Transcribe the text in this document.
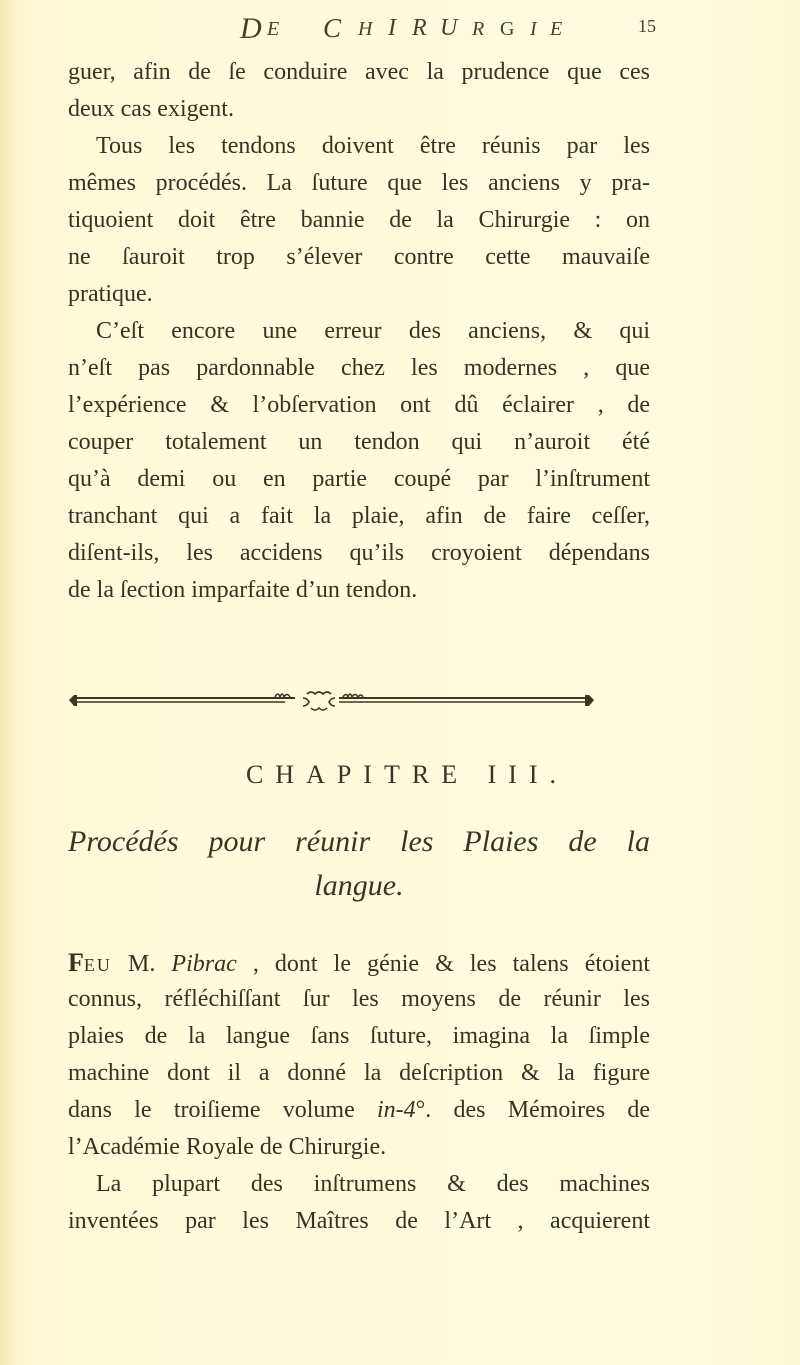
D E C H I R U R G I E	15
guer, afin de ſe conduire avec la prudence que ces
deux cas exigent.
Tous les tendons doivent être réunis par les
mêmes procédés. La ſuture que les anciens y pra-
tiquoient doit être bannie de la Chirurgie : on
ne ſauroit trop s’élever contre cette mauvaiſe
pratique.
C’eſt encore une erreur des anciens, & qui
n’eſt pas pardonnable chez les modernes , que
l’expérience & l’obſervation ont dû éclairer , de
couper totalement un tendon qui n’auroit été
qu’à demi ou en partie coupé par l’inſtrument
tranchant qui a fait la plaie, afin de faire ceſſer,
diſent-ils, les accidens qu’ils croyoient dépendans
de la ſection imparfaite d’un tendon.
CHAPITRE III.
Procédés pour réunir les Plaies de la
langue.
FEU M. Pibrac , dont le génie & les talens étoient
connus, réfléchiſſant ſur les moyens de réunir les
plaies de la langue ſans ſuture, imagina la ſimple
machine dont il a donné la deſcription & la figure
dans le troiſieme volume in-4°. des Mémoires de
l’Académie Royale de Chirurgie.
La plupart des inſtrumens & des machines
inventées par les Maîtres de l’Art , acquierent
